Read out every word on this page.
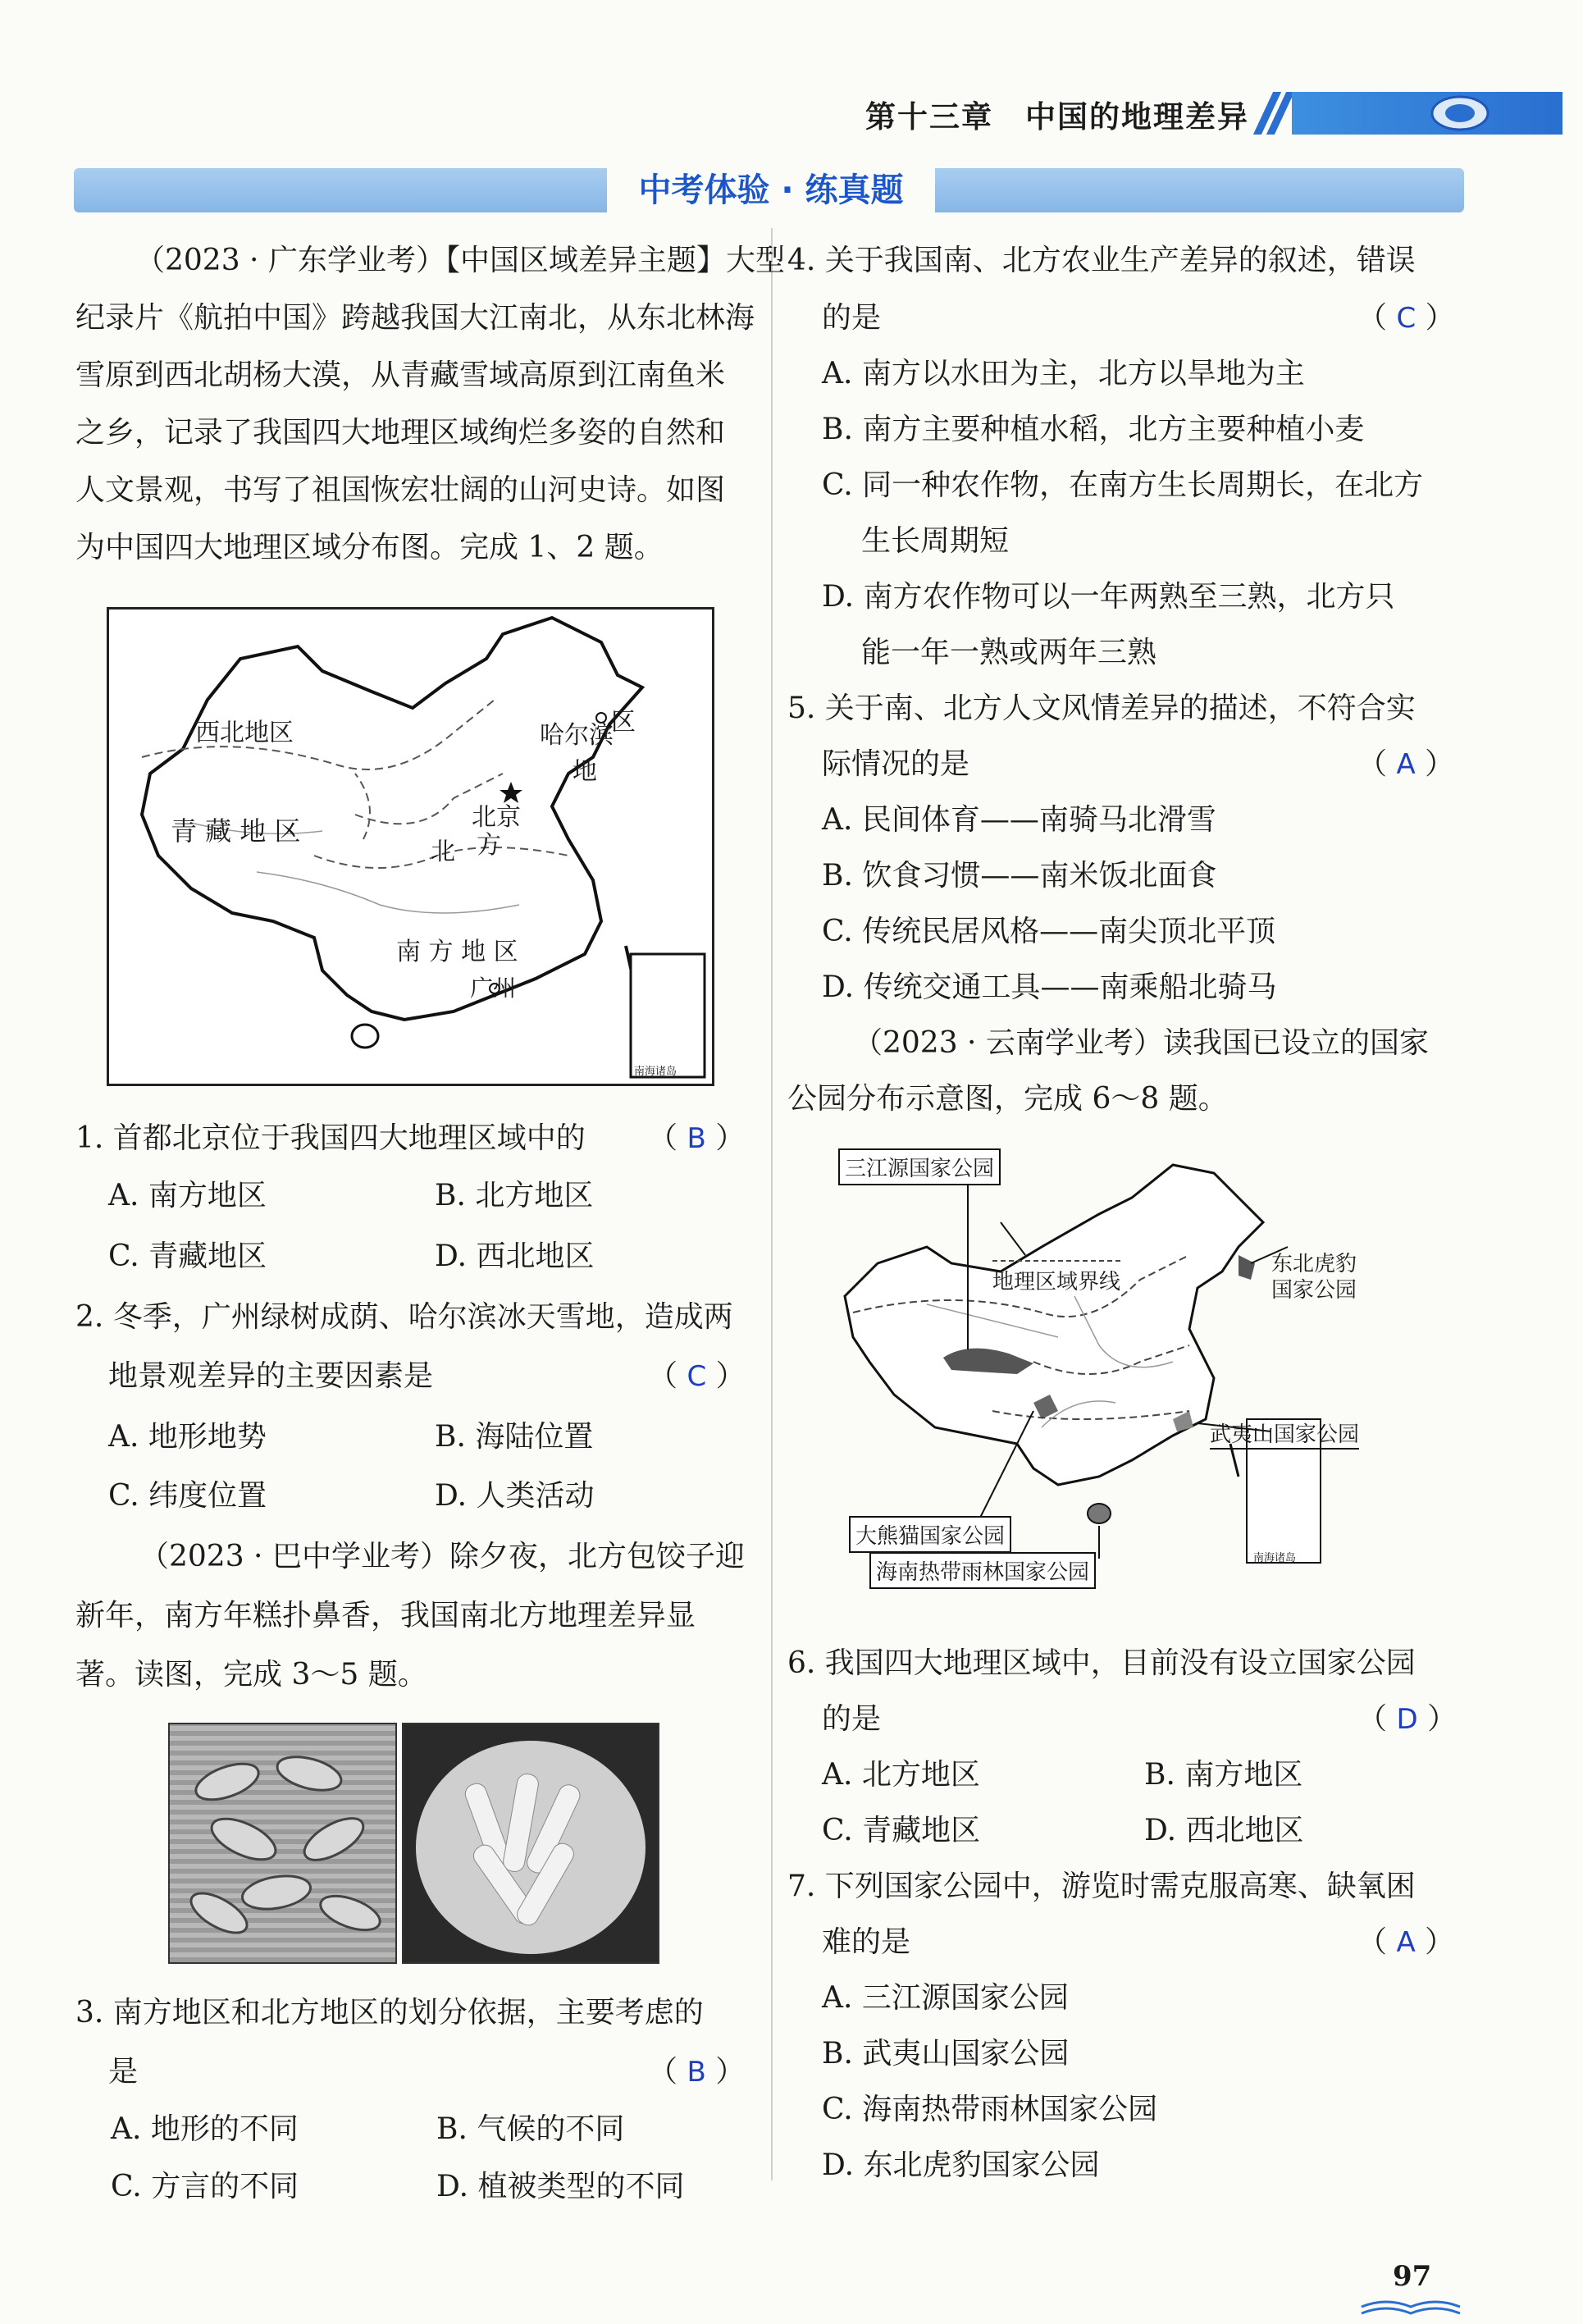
第十三章　中国的地理差异
中考体验 · 练真题
（2023 · 广东学业考）【中国区域差异主题】大型
纪录片《航拍中国》跨越我国大江南北，从东北林海
雪原到西北胡杨大漠，从青藏雪域高原到江南鱼米
之乡，记录了我国四大地理区域绚烂多姿的自然和
人文景观，书写了祖国恢宏壮阔的山河史诗。如图
为中国四大地理区域分布图。完成 1、2 题。
西北地区
青 藏 地 区
哈尔滨
区
地
北京
北 方
南 方 地 区
广州
南海诸岛
1. 首都北京位于我国四大地理区域中的 （ B ）
A. 南方地区	B. 北方地区
C. 青藏地区	D. 西北地区
2. 冬季，广州绿树成荫、哈尔滨冰天雪地，造成两
地景观差异的主要因素是	（ C ）
A. 地形地势	B. 海陆位置
C. 纬度位置	D. 人类活动
（2023 · 巴中学业考）除夕夜，北方包饺子迎
新年，南方年糕扑鼻香，我国南北方地理差异显
著。读图，完成 3～5 题。
3. 南方地区和北方地区的划分依据，主要考虑的
是	（ B ）
A. 地形的不同	B. 气候的不同
C. 方言的不同	D. 植被类型的不同
4. 关于我国南、北方农业生产差异的叙述，错误
的是	（ C ）
A. 南方以水田为主，北方以旱地为主
B. 南方主要种植水稻，北方主要种植小麦
C. 同一种农作物，在南方生长周期长，在北方
生长周期短
D. 南方农作物可以一年两熟至三熟，北方只
能一年一熟或两年三熟
5. 关于南、北方人文风情差异的描述，不符合实
际情况的是	（ A ）
A. 民间体育——南骑马北滑雪
B. 饮食习惯——南米饭北面食
C. 传统民居风格——南尖顶北平顶
D. 传统交通工具——南乘船北骑马
（2023 · 云南学业考）读我国已设立的国家
公园分布示意图，完成 6～8 题。
三江源国家公园
地理区域界线
东北虎豹
国家公园
武夷山国家公园
大熊猫国家公园
海南热带雨林国家公园
南海诸岛
6. 我国四大地理区域中，目前没有设立国家公园
的是	（ D ）
A. 北方地区	B. 南方地区
C. 青藏地区	D. 西北地区
7. 下列国家公园中，游览时需克服高寒、缺氧困
难的是	（ A ）
A. 三江源国家公园
B. 武夷山国家公园
C. 海南热带雨林国家公园
D. 东北虎豹国家公园
97
